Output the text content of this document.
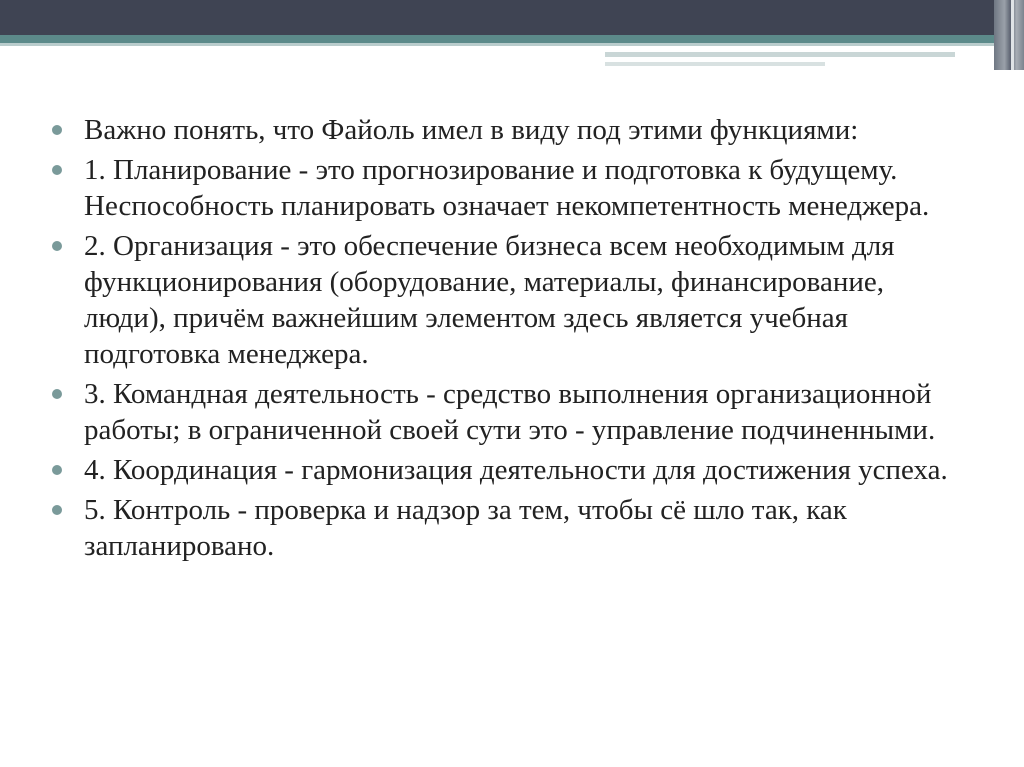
Важно понять, что Файоль имел в виду под этими функциями:
1. Планирование - это прогнозирование и подготовка к будущему. Неспособность планировать означает некомпетентность менеджера.
2. Организация - это обеспечение бизнеса всем необходимым для функционирования (оборудование, материалы, финансирование, люди), причём важнейшим элементом здесь является учебная подготовка менеджера.
3. Командная деятельность - средство выполнения организационной работы; в ограниченной своей сути это - управление подчиненными.
4. Координация - гармонизация деятельности для достижения успеха.
5. Контроль - проверка и надзор за тем, чтобы сё шло так, как запланировано.
